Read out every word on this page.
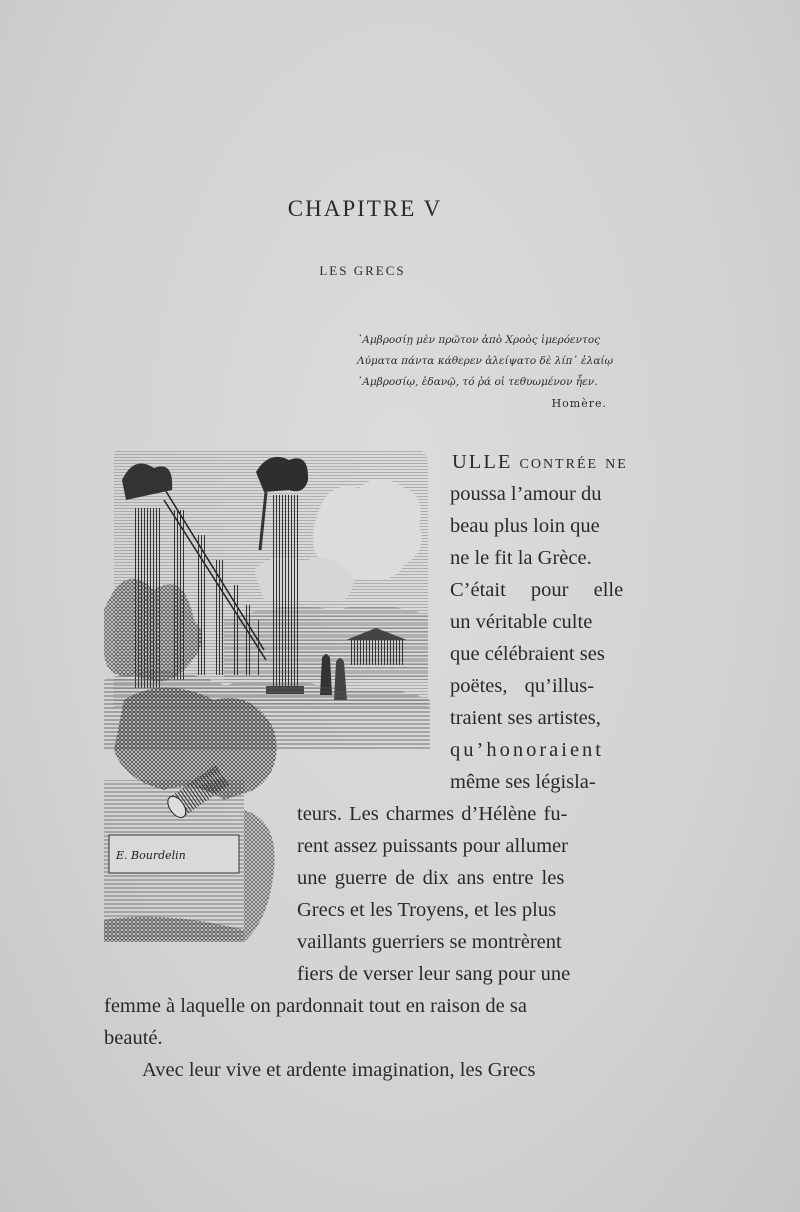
CHAPITRE V
LES GRECS
᾿Αμβροσίῃ μὲν πρῶτον ἀπὸ Χροὸς ἱμερόεντος
Λύματα πάντα κάθερεν ἀλείψατο δὲ λίπ᾿ ἐλαίῳ
᾿Αμβροσίῳ, ἑδανῷ, τό ῥά οἱ τεθυωμένον ἦεν.
Homère.
E. Bourdelin
ULLE contrée ne
poussa l’amour du
beau plus loin que
ne le fit la Grèce.
C’était pour elle
un véritable culte
que célébraient ses
poëtes, qu’illus-
traient ses artistes,
qu’honoraient
même ses législa-
teurs. Les charmes d’Hélène fu-
rent assez puissants pour allumer
une guerre de dix ans entre les
Grecs et les Troyens, et les plus
vaillants guerriers se montrèrent
fiers de verser leur sang pour une
femme à laquelle on pardonnait tout en raison de sa
beauté.
Avec leur vive et ardente imagination, les Grecs
